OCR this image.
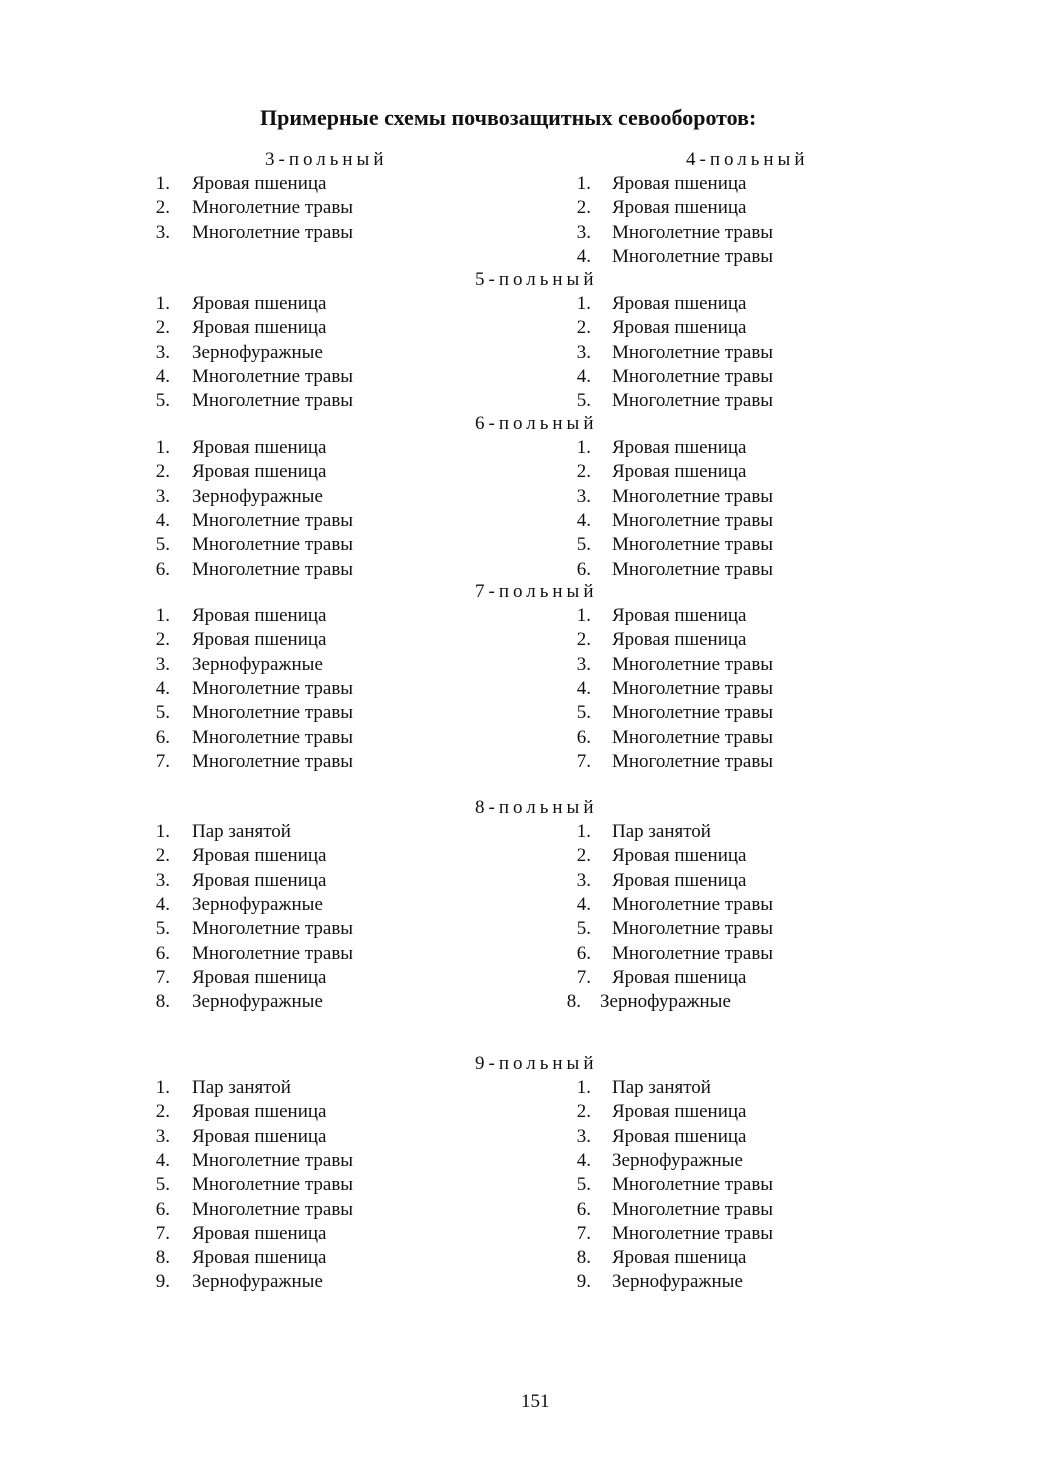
Примерные схемы почвозащитных севооборотов:
3-польный	4-польный
1. Яровая пшеница
2. Многолетние травы
3. Многолетние травы
1. Яровая пшеница
2. Яровая пшеница
3. Многолетние травы
4. Многолетние травы
5-польный
1. Яровая пшеница
2. Яровая пшеница
3. Зернофуражные
4. Многолетние травы
5. Многолетние травы
1. Яровая пшеница
2. Яровая пшеница
3. Многолетние травы
4. Многолетние травы
5. Многолетние травы
6-польный
1. Яровая пшеница
2. Яровая пшеница
3. Зернофуражные
4. Многолетние травы
5. Многолетние травы
6. Многолетние травы
1. Яровая пшеница
2. Яровая пшеница
3. Многолетние травы
4. Многолетние травы
5. Многолетние травы
6. Многолетние травы
7-польный
1. Яровая пшеница
2. Яровая пшеница
3. Зернофуражные
4. Многолетние травы
5. Многолетние травы
6. Многолетние травы
7. Многолетние травы
1. Яровая пшеница
2. Яровая пшеница
3. Многолетние травы
4. Многолетние травы
5. Многолетние травы
6. Многолетние травы
7. Многолетние травы
8-польный
1. Пар занятой
2. Яровая пшеница
3. Яровая пшеница
4. Зернофуражные
5. Многолетние травы
6. Многолетние травы
7. Яровая пшеница
8. Зернофуражные
1. Пар занятой
2. Яровая пшеница
3. Яровая пшеница
4. Многолетние травы
5. Многолетние травы
6. Многолетние травы
7. Яровая пшеница
8. Зернофуражные
9-польный
1. Пар занятой
2. Яровая пшеница
3. Яровая пшеница
4. Многолетние травы
5. Многолетние травы
6. Многолетние травы
7. Яровая пшеница
8. Яровая пшеница
9. Зернофуражные
1. Пар занятой
2. Яровая пшеница
3. Яровая пшеница
4. Зернофуражные
5. Многолетние травы
6. Многолетние травы
7. Многолетние травы
8. Яровая пшеница
9. Зернофуражные
151
